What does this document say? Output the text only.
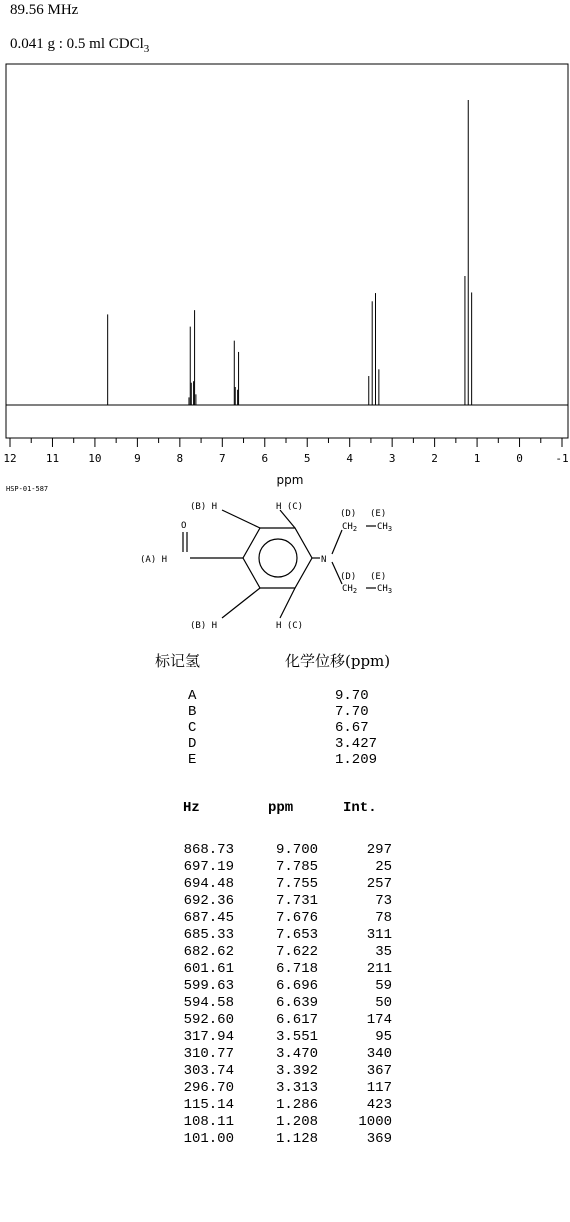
89.56 MHz
0.041 g : 0.5 ml CDCl$_3$
12	11	10	9	8	7	6	5	4	3	2	1	0	-1
ppm
HSP-01-587
(B) H	H (C)
(B) H	H (C)
(A) H
O
N
(D) (E)
(D) (E)
$CH_2$ $CH_3$
$CH_2$ $CH_3$
标记氢	化学位移(ppm)
A	9.70
B	7.70
C	6.67
D	3.427
E	1.209
Hz	ppm	Int.
868.73	9.700	297
697.19	7.785	25
694.48	7.755	257
692.36	7.731	73
687.45	7.676	78
685.33	7.653	311
682.62	7.622	35
601.61	6.718	211
599.63	6.696	59
594.58	6.639	50
592.60	6.617	174
317.94	3.551	95
310.77	3.470	340
303.74	3.392	367
296.70	3.313	117
115.14	1.286	423
108.11	1.208	1000
101.00	1.128	369
